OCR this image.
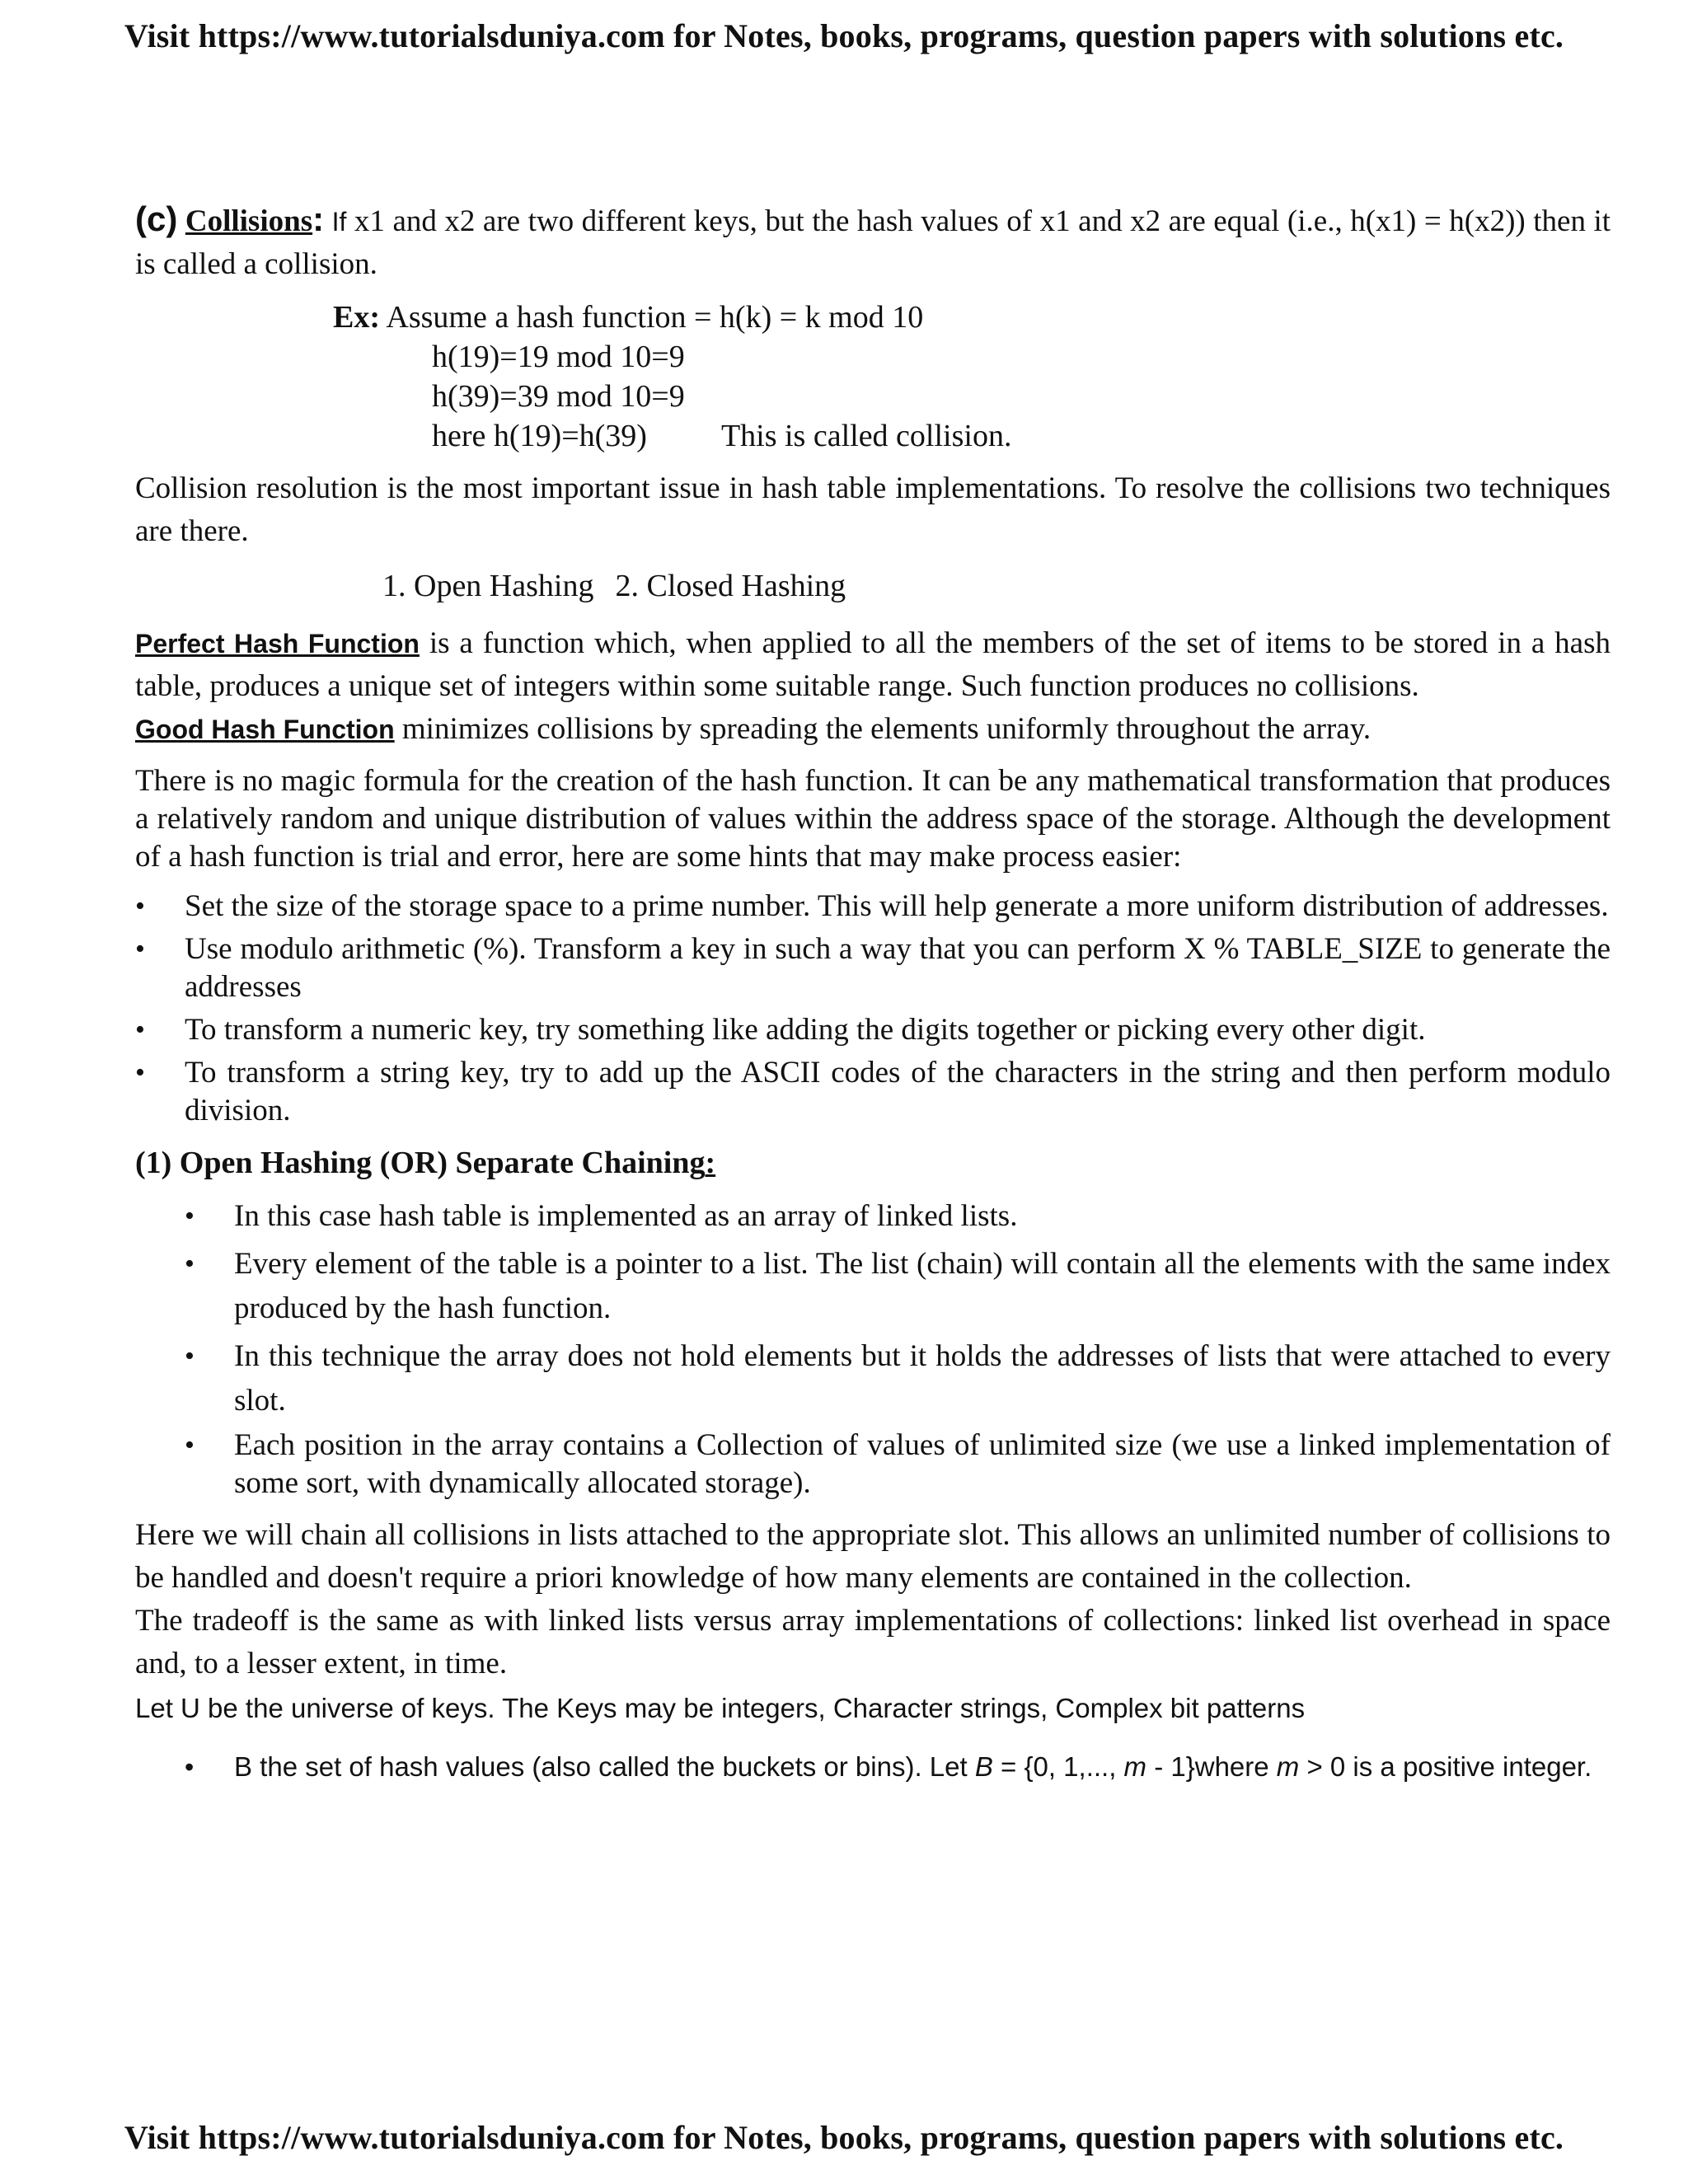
Visit https://www.tutorialsduniya.com for Notes, books, programs, question papers with solutions etc.

(c) Collisions: If x1 and x2 are two different keys, but the hash values of x1 and x2 are equal (i.e., h(x1) = h(x2)) then it is called a collision.

Ex: Assume a hash function = h(k) = k mod 10
h(19)=19 mod 10=9
h(39)=39 mod 10=9
here h(19)=h(39) This is called collision.

Collision resolution is the most important issue in hash table implementations. To resolve the collisions two techniques are there.

1. Open Hashing 2. Closed Hashing

Perfect Hash Function is a function which, when applied to all the members of the set of items to be stored in a hash table, produces a unique set of integers within some suitable range. Such function produces no collisions.

Good Hash Function minimizes collisions by spreading the elements uniformly throughout the array.

There is no magic formula for the creation of the hash function. It can be any mathematical transformation that produces a relatively random and unique distribution of values within the address space of the storage. Although the development of a hash function is trial and error, here are some hints that may make process easier:

• Set the size of the storage space to a prime number. This will help generate a more uniform distribution of addresses.
• Use modulo arithmetic (%). Transform a key in such a way that you can perform X % TABLE_SIZE to generate the addresses
• To transform a numeric key, try something like adding the digits together or picking every other digit.
• To transform a string key, try to add up the ASCII codes of the characters in the string and then perform modulo division.
(1) Open Hashing (OR) Separate Chaining:
• In this case hash table is implemented as an array of linked lists.
• Every element of the table is a pointer to a list. The list (chain) will contain all the elements with the same index produced by the hash function.
• In this technique the array does not hold elements but it holds the addresses of lists that were attached to every slot.
• Each position in the array contains a Collection of values of unlimited size (we use a linked implementation of some sort, with dynamically allocated storage).

Here we will chain all collisions in lists attached to the appropriate slot. This allows an unlimited number of collisions to be handled and doesn't require a priori knowledge of how many elements are contained in the collection.

The tradeoff is the same as with linked lists versus array implementations of collections: linked list overhead in space and, to a lesser extent, in time.

Let U be the universe of keys. The Keys may be integers, Character strings, Complex bit patterns
• B the set of hash values (also called the buckets or bins). Let B = {0, 1,..., m - 1}where m > 0 is a positive integer.
Visit https://www.tutorialsduniya.com for Notes, books, programs, question papers with solutions etc.
